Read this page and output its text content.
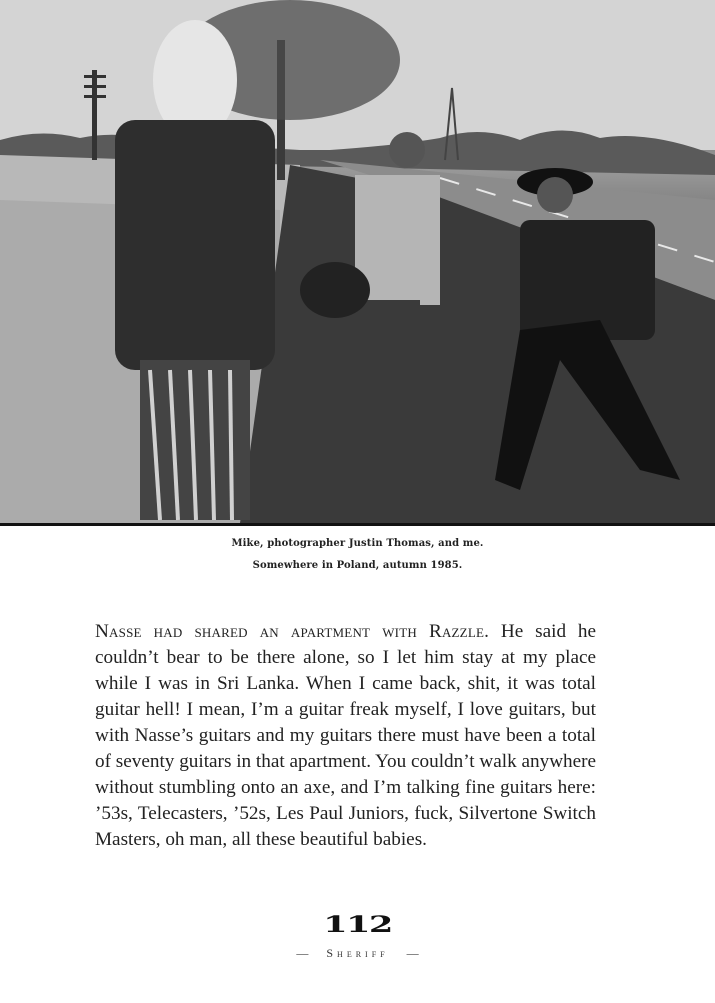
Mike, photographer Justin Thomas, and me.
Somewhere in Poland, autumn 1985.
Nasse had shared an apartment with Razzle. He said he
couldn’t bear to be there alone, so I let him stay at my place
while I was in Sri Lanka. When I came back, shit, it was total
guitar hell! I mean, I’m a guitar freak myself, I love guitars, but
with Nasse’s guitars and my guitars there must have been a total
of seventy guitars in that apartment. You couldn’t walk anywhere
without stumbling onto an axe, and I’m talking fine guitars here:
’53s, Telecasters, ’52s, Les Paul Juniors, fuck, Silvertone Switch
Masters, oh man, all these beautiful babies.
112
— Sheriff —
